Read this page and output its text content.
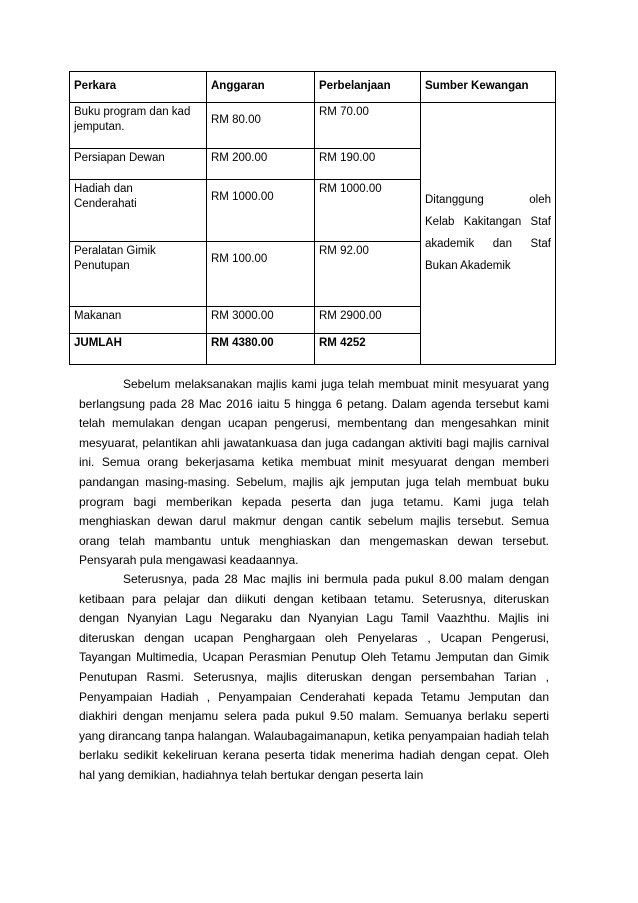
Perkara	Anggaran	Perbelanjaan	Sumber Kewangan
Buku program dan kad jemputan.	RM 80.00	RM 70.00	Ditanggung oleh
Kelab Kakitangan Staf
akademik dan Staf
Bukan Akademik

Persiapan Dewan	RM 200.00	RM 190.00	
Hadiah dan
Cenderahati	RM 1000.00	RM 1000.00	
Peralatan Gimik
Penutupan	RM 100.00	RM 92.00	
Makanan	RM 3000.00	RM 2900.00	
JUMLAH	RM 4380.00	RM 4252	

Sebelum melaksanakan majlis kami juga telah membuat minit mesyuarat yang berlangsung pada 28 Mac 2016 iaitu 5 hingga 6 petang. Dalam agenda tersebut kami telah memulakan dengan ucapan pengerusi, membentang dan mengesahkan minit mesyuarat, pelantikan ahli jawatankuasa dan juga cadangan aktiviti bagi majlis carnival ini. Semua orang bekerjasama ketika membuat minit mesyuarat dengan memberi pandangan masing-masing. Sebelum, majlis ajk jemputan juga telah membuat buku program bagi memberikan kepada peserta dan juga tetamu. Kami juga telah menghiaskan dewan darul makmur dengan cantik sebelum majlis tersebut. Semua orang telah mambantu untuk menghiaskan dan mengemaskan dewan tersebut. Pensyarah pula mengawasi keadaannya.

Seterusnya, pada 28 Mac majlis ini bermula pada pukul 8.00 malam dengan ketibaan para pelajar dan diikuti dengan ketibaan tetamu. Seterusnya, diteruskan dengan Nyanyian Lagu Negaraku dan Nyanyian Lagu Tamil Vaazhthu. Majlis ini diteruskan dengan ucapan Penghargaan oleh Penyelaras , Ucapan Pengerusi, Tayangan Multimedia, Ucapan Perasmian Penutup Oleh Tetamu Jemputan dan Gimik Penutupan Rasmi. Seterusnya, majlis diteruskan dengan persembahan Tarian , Penyampaian Hadiah , Penyampaian Cenderahati kepada Tetamu Jemputan dan diakhiri dengan menjamu selera pada pukul 9.50 malam. Semuanya berlaku seperti yang dirancang tanpa halangan. Walaubagaimanapun, ketika penyampaian hadiah telah berlaku sedikit kekeliruan kerana peserta tidak menerima hadiah dengan cepat. Oleh hal yang demikian, hadiahnya telah bertukar dengan peserta lain
